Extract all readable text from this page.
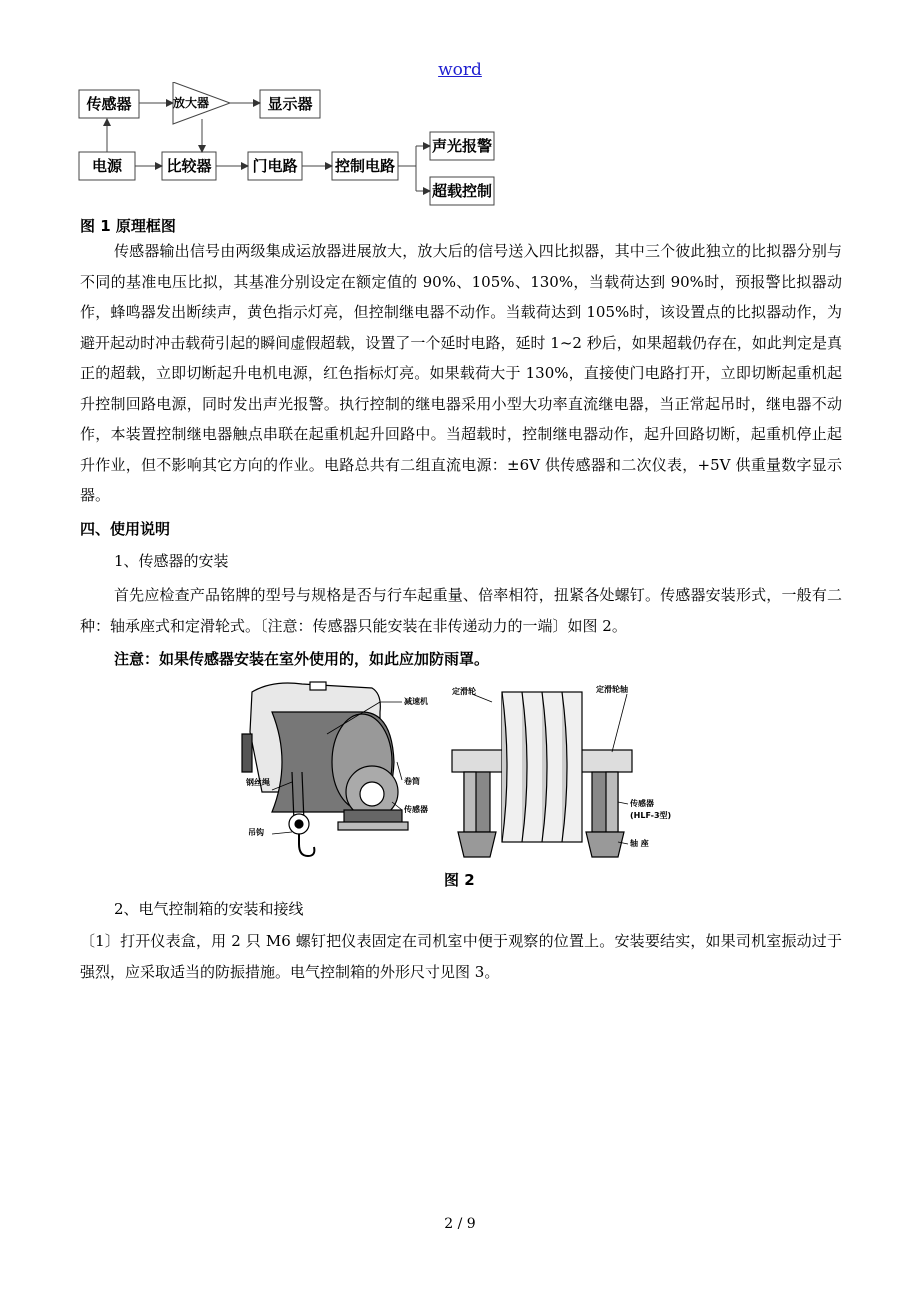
word
传感器	放大器	显示器
电源	比较器	门电路 控制电路
声光报警
超载控制
图 1 原理框图
传感器输出信号由两级集成运放器进展放大，放大后的信号送入四比拟器，其中三个彼此独立的比拟器分别与不同的基准电压比拟，其基准分别设定在额定值的 90%、105%、130%，当载荷达到 90%时，预报警比拟器动作，蜂鸣器发出断续声，黄色指示灯亮，但控制继电器不动作。当载荷达到 105%时，该设置点的比拟器动作，为避开起动时冲击载荷引起的瞬间虚假超载，设置了一个延时电路，延时 1~2 秒后，如果超载仍存在，如此判定是真正的超载，立即切断起升电机电源，红色指标灯亮。如果载荷大于 130%，直接使门电路打开，立即切断起重机起升控制回路电源，同时发出声光报警。执行控制的继电器采用小型大功率直流继电器，当正常起吊时，继电器不动作，本装置控制继电器触点串联在起重机起升回路中。当超载时，控制继电器动作，起升回路切断，起重机停止起升作业，但不影响其它方向的作业。电路总共有二组直流电源：±6V 供传感器和二次仪表，+5V 供重量数字显示器。
四、使用说明
1、传感器的安装
首先应检查产品铭牌的型号与规格是否与行车起重量、倍率相符，扭紧各处螺钉。传感器安装形式，一般有二种：轴承座式和定滑轮式。〔注意：传感器只能安装在非传递动力的一端〕如图 2。
注意：如果传感器安装在室外使用的，如此应加防雨罩。
减速机
卷筒
钢丝绳
传感器
吊钩
定滑轮	定滑轮轴
传感器
(HLF-3型)
轴 座
图 2
2、电气控制箱的安装和接线
〔1〕打开仪表盒，用 2 只 M6 螺钉把仪表固定在司机室中便于观察的位置上。安装要结实，如果司机室振动过于强烈，应采取适当的防振措施。电气控制箱的外形尺寸见图 3。
2 / 9
